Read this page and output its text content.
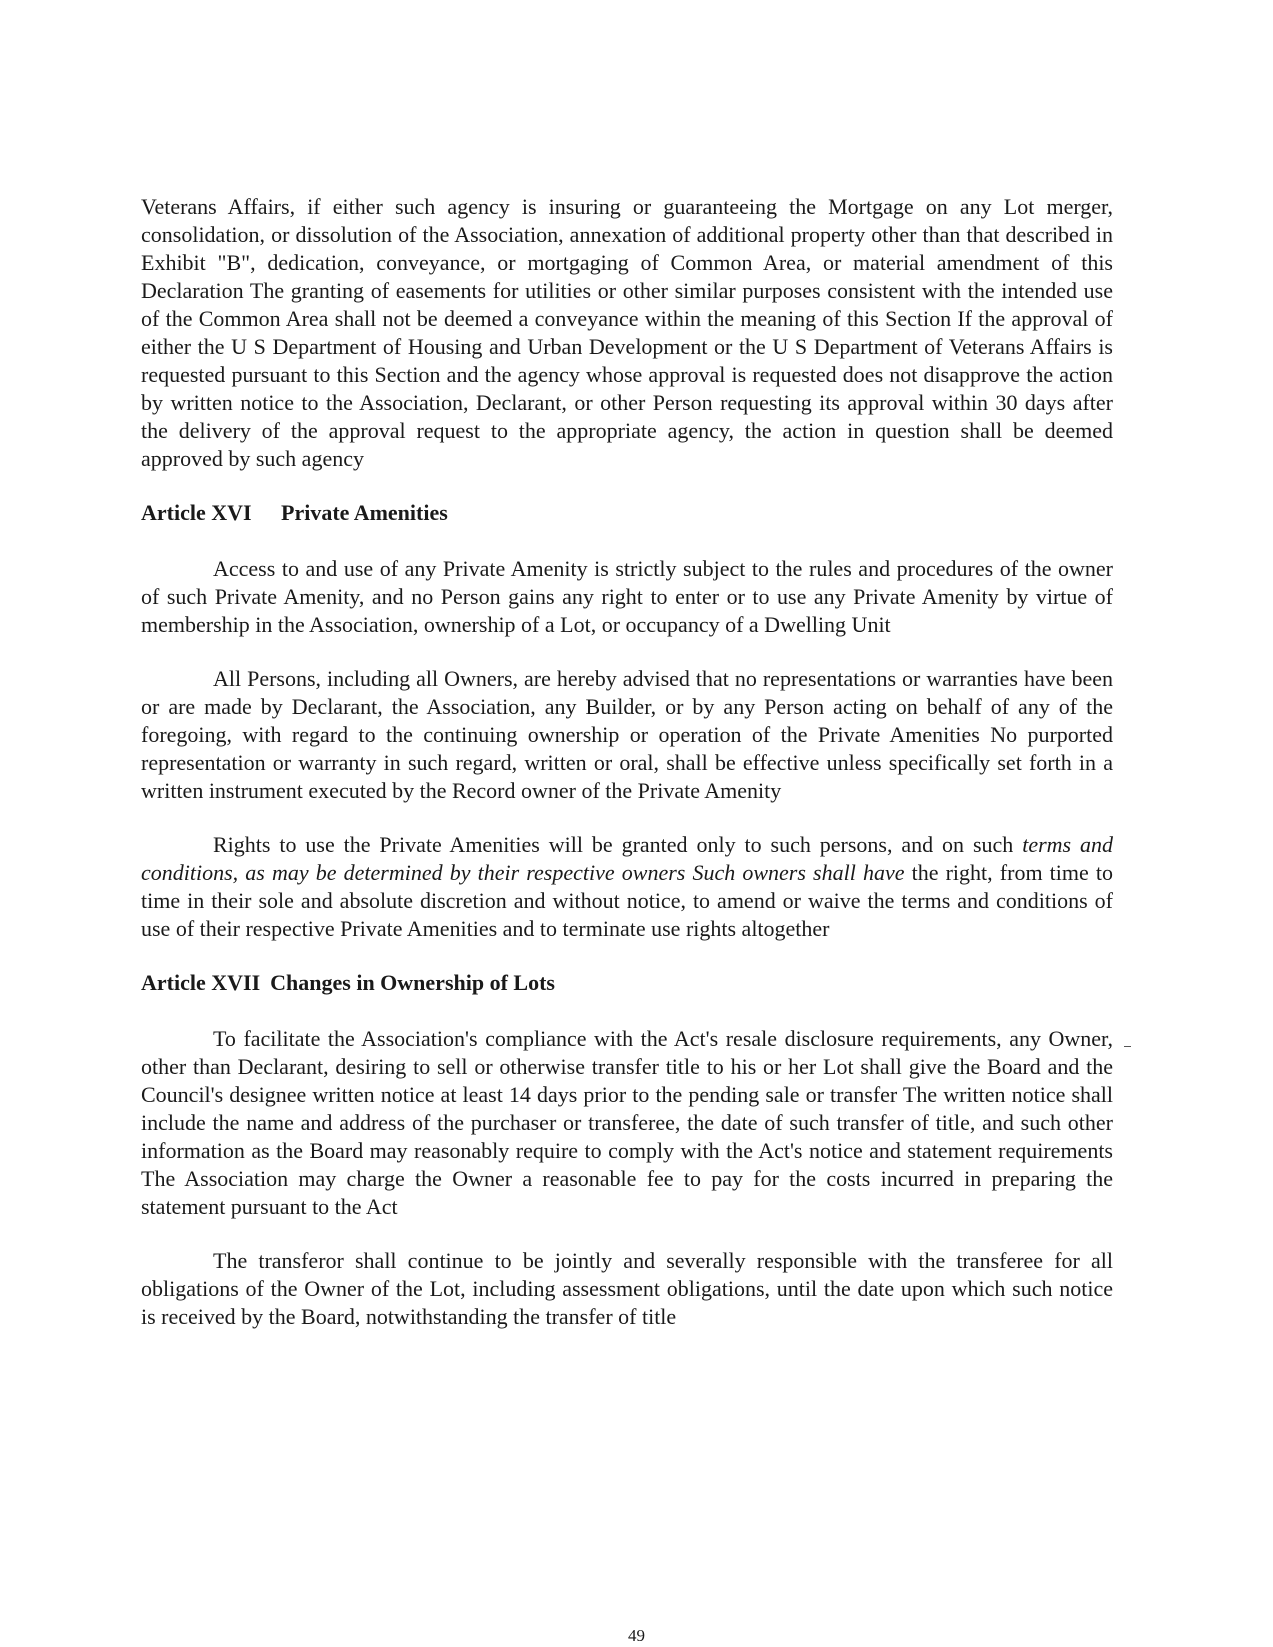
Veterans Affairs, if either such agency is insuring or guaranteeing the Mortgage on any Lot merger, consolidation, or dissolution of the Association, annexation of additional property other than that described in Exhibit "B", dedication, conveyance, or mortgaging of Common Area, or material amendment of this Declaration The granting of easements for utilities or other similar purposes consistent with the intended use of the Common Area shall not be deemed a conveyance within the meaning of this Section If the approval of either the U S Department of Housing and Urban Development or the U S Department of Veterans Affairs is requested pursuant to this Section and the agency whose approval is requested does not disapprove the action by written notice to the Association, Declarant, or other Person requesting its approval within 30 days after the delivery of the approval request to the appropriate agency, the action in question shall be deemed approved by such agency

Article XVI Private Amenities

Access to and use of any Private Amenity is strictly subject to the rules and procedures of the owner of such Private Amenity, and no Person gains any right to enter or to use any Private Amenity by virtue of membership in the Association, ownership of a Lot, or occupancy of a Dwelling Unit

All Persons, including all Owners, are hereby advised that no representations or warranties have been or are made by Declarant, the Association, any Builder, or by any Person acting on behalf of any of the foregoing, with regard to the continuing ownership or operation of the Private Amenities No purported representation or warranty in such regard, written or oral, shall be effective unless specifically set forth in a written instrument executed by the Record owner of the Private Amenity

Rights to use the Private Amenities will be granted only to such persons, and on such terms and conditions, as may be determined by their respective owners Such owners shall have the right, from time to time in their sole and absolute discretion and without notice, to amend or waive the terms and conditions of use of their respective Private Amenities and to terminate use rights altogether

Article XVII Changes in Ownership of Lots

To facilitate the Association's compliance with the Act's resale disclosure requirements, any Owner, other than Declarant, desiring to sell or otherwise transfer title to his or her Lot shall give the Board and the Council's designee written notice at least 14 days prior to the pending sale or transfer The written notice shall include the name and address of the purchaser or transferee, the date of such transfer of title, and such other information as the Board may reasonably require to comply with the Act's notice and statement requirements The Association may charge the Owner a reasonable fee to pay for the costs incurred in preparing the statement pursuant to the Act

The transferor shall continue to be jointly and severally responsible with the transferee for all obligations of the Owner of the Lot, including assessment obligations, until the date upon which such notice is received by the Board, notwithstanding the transfer of title

49
